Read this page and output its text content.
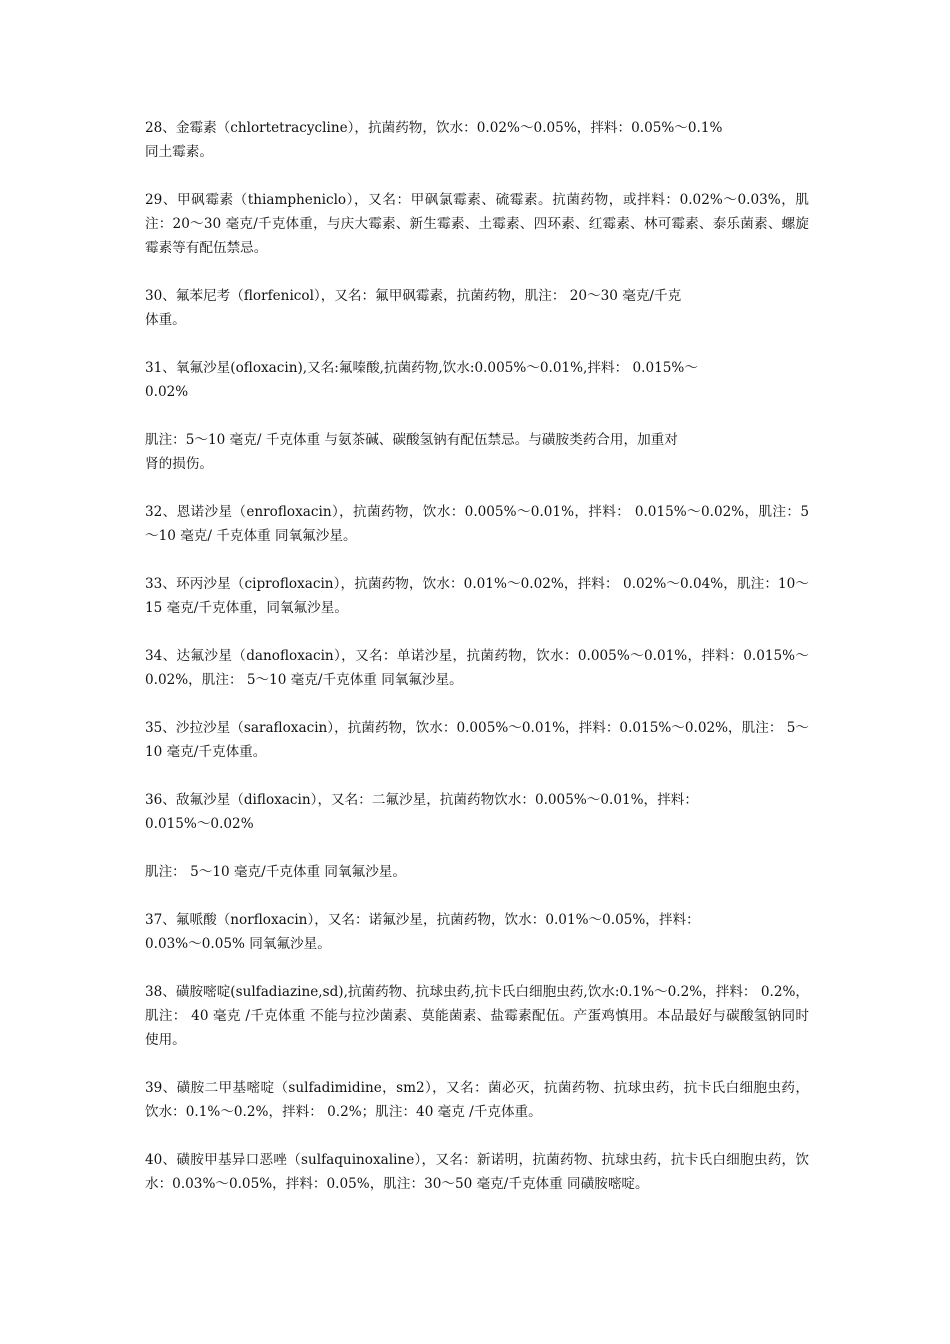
28、金霉素（chlortetracycline），抗菌药物，饮水：0.02%～0.05%，拌料：0.05%～0.1%
同土霉素。

29、甲砜霉素（thiampheniclo），又名：甲砜氯霉素、硫霉素。抗菌药物，或拌料：0.02%～0.03%，肌注：20～30 毫克/千克体重，与庆大霉素、新生霉素、土霉素、四环素、红霉素、林可霉素、泰乐菌素、螺旋霉素等有配伍禁忌。

30、氟苯尼考（florfenicol），又名：氟甲砜霉素，抗菌药物，肌注： 20～30 毫克/千克
体重。

31、氧氟沙星(ofloxacin),又名:氟嗪酸,抗菌药物,饮水:0.005%～0.01%,拌料： 0.015%～
0.02%

肌注：5～10 毫克/ 千克体重 与氨茶碱、碳酸氢钠有配伍禁忌。与磺胺类药合用，加重对
肾的损伤。

32、恩诺沙星（enrofloxacin），抗菌药物，饮水：0.005%～0.01%，拌料： 0.015%～0.02%，肌注：5～10 毫克/ 千克体重 同氧氟沙星。

33、环丙沙星（ciprofloxacin），抗菌药物，饮水：0.01%～0.02%，拌料： 0.02%～0.04%，肌注：10～15 毫克/千克体重，同氧氟沙星。

34、达氟沙星（danofloxacin），又名：单诺沙星，抗菌药物，饮水：0.005%～0.01%，拌料：0.015%～0.02%，肌注： 5～10 毫克/千克体重 同氧氟沙星。

35、沙拉沙星（sarafloxacin），抗菌药物，饮水：0.005%～0.01%，拌料：0.015%～0.02%，肌注： 5～10 毫克/千克体重。

36、敌氟沙星（difloxacin），又名：二氟沙星，抗菌药物饮水：0.005%～0.01%，拌料：
0.015%～0.02%

肌注： 5～10 毫克/千克体重 同氧氟沙星。

37、氟哌酸（norfloxacin），又名：诺氟沙星，抗菌药物，饮水：0.01%～0.05%，拌料：
0.03%～0.05% 同氧氟沙星。

38、磺胺嘧啶(sulfadiazine,sd),抗菌药物、抗球虫药,抗卡氏白细胞虫药,饮水:0.1%～0.2%，拌料： 0.2%，肌注： 40 毫克 /千克体重 不能与拉沙菌素、莫能菌素、盐霉素配伍。产蛋鸡慎用。本品最好与碳酸氢钠同时使用。

39、磺胺二甲基嘧啶（sulfadimidine，sm2），又名：菌必灭，抗菌药物、抗球虫药，抗卡氏白细胞虫药， 饮水：0.1%～0.2%，拌料： 0.2%；肌注：40 毫克 /千克体重。

40、磺胺甲基异口恶唑（sulfaquinoxaline），又名：新诺明，抗菌药物、抗球虫药，抗卡氏白细胞虫药，饮水：0.03%～0.05%，拌料：0.05%，肌注：30～50 毫克/千克体重 同磺胺嘧啶。
